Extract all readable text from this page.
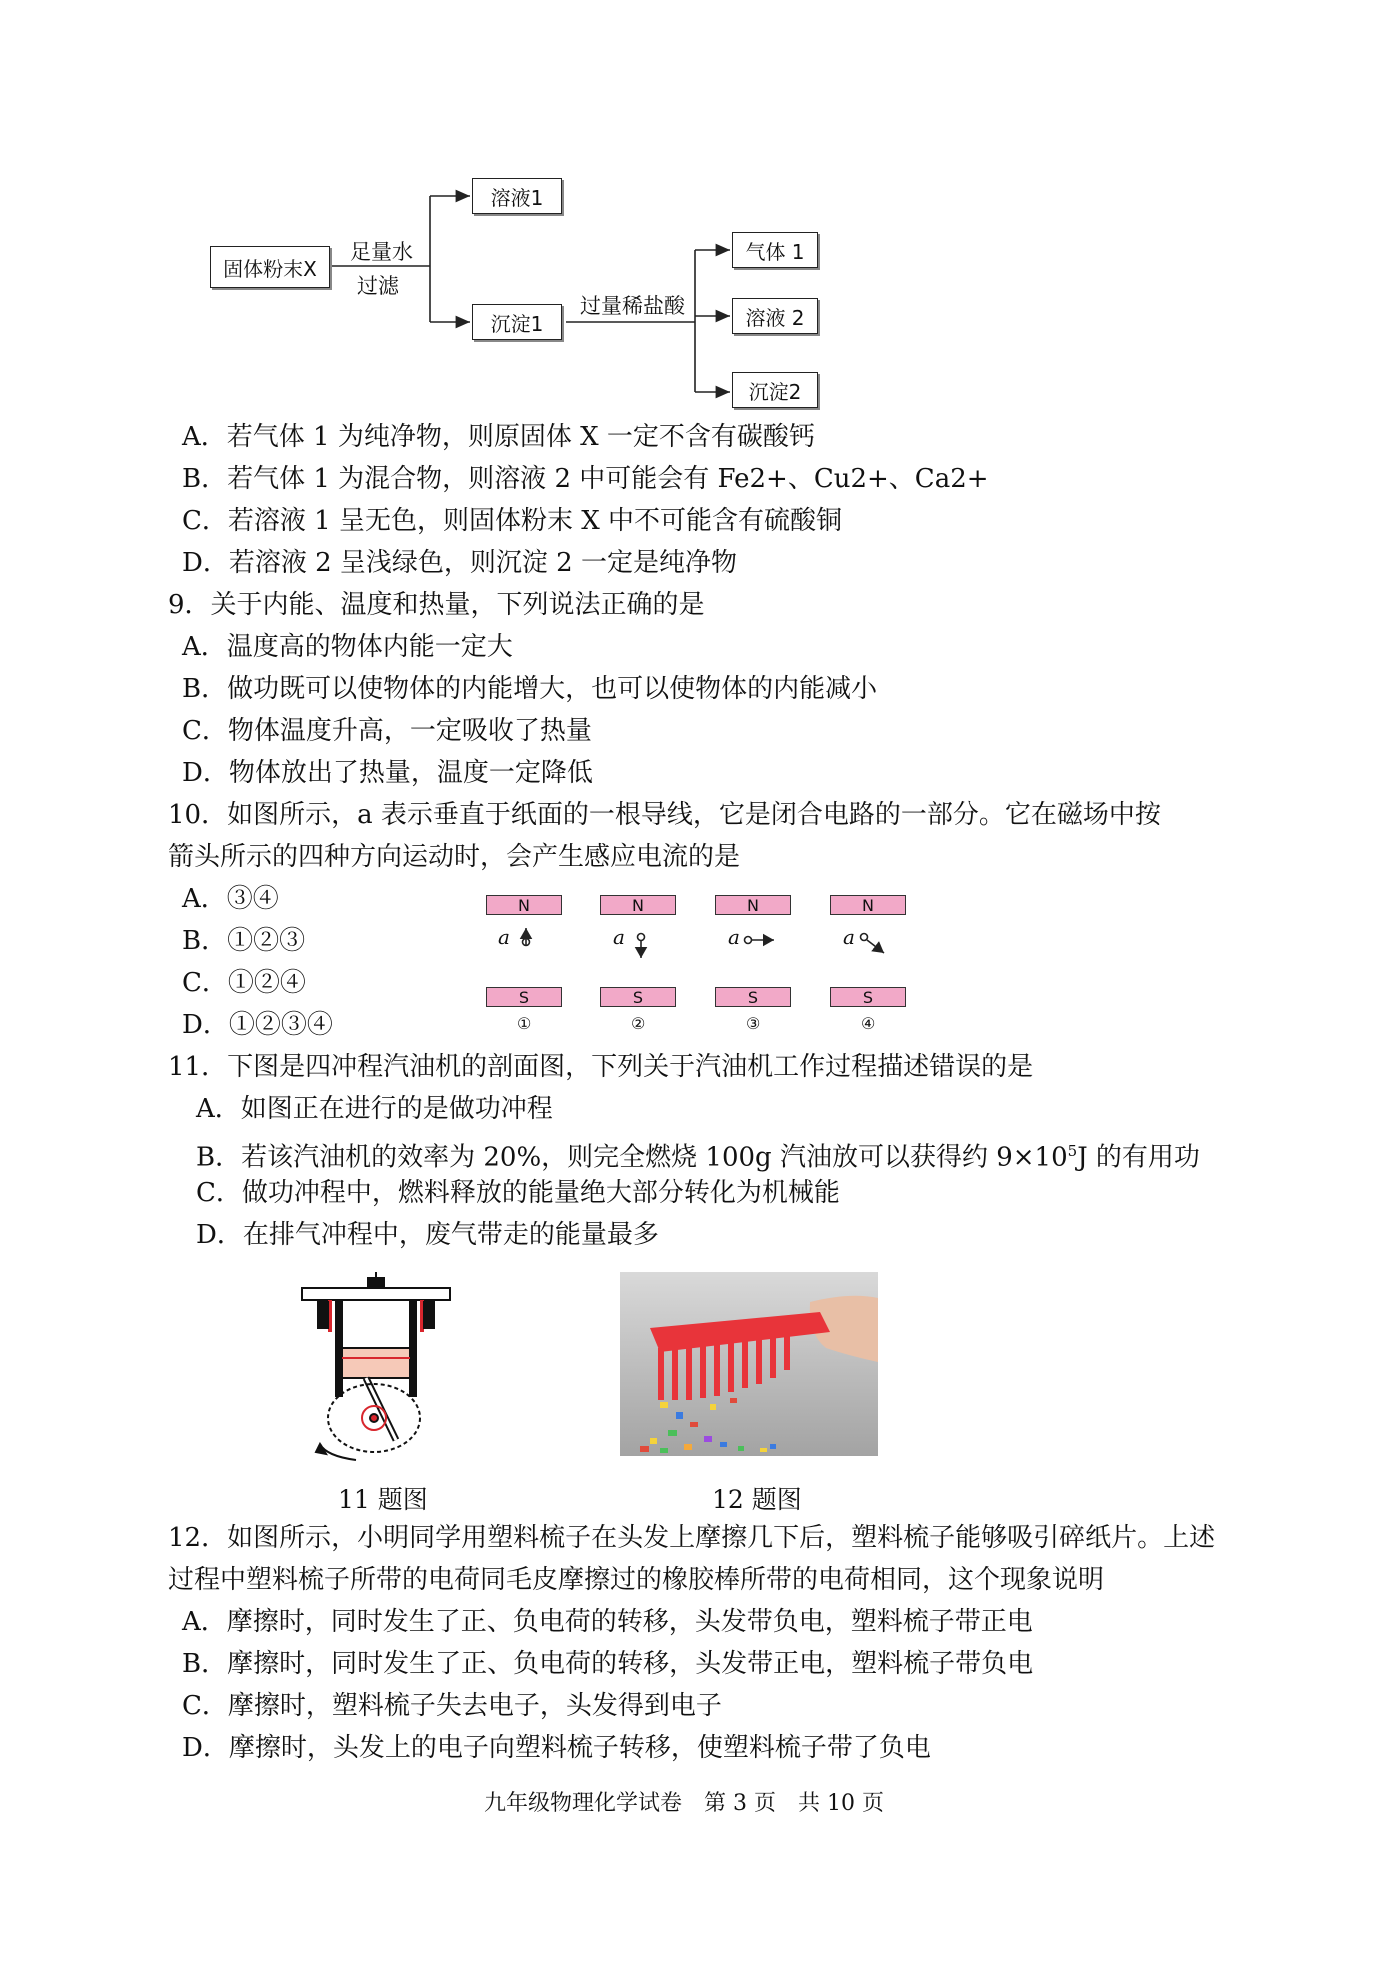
固体粉末X
足量水
过滤
溶液1
沉淀1
过量稀盐酸
气体 1
溶液 2
沉淀2
A．若气体 1 为纯净物，则原固体 X 一定不含有碳酸钙
B．若气体 1 为混合物，则溶液 2 中可能会有 Fe2+、Cu2+、Ca2+
C．若溶液 1 呈无色，则固体粉末 X 中不可能含有硫酸铜
D．若溶液 2 呈浅绿色，则沉淀 2 一定是纯净物
9．关于内能、温度和热量，下列说法正确的是
A．温度高的物体内能一定大
B．做功既可以使物体的内能增大，也可以使物体的内能减小
C．物体温度升高，一定吸收了热量
D．物体放出了热量，温度一定降低
10．如图所示，a 表示垂直于纸面的一根导线，它是闭合电路的一部分。它在磁场中按
箭头所示的四种方向运动时，会产生感应电流的是
A．③④
B．①②③
C．①②④
D．①②③④
N	N	N	N
a	a	a	a
S	S	S	S
①	②	③	④
11．下图是四冲程汽油机的剖面图，下列关于汽油机工作过程描述错误的是
A．如图正在进行的是做功冲程
B．若该汽油机的效率为 20%，则完全燃烧 100g 汽油放可以获得约 $9\times 10^5J$ 的有用功
C．做功冲程中，燃料释放的能量绝大部分转化为机械能
D．在排气冲程中，废气带走的能量最多
11 题图	12 题图
12．如图所示，小明同学用塑料梳子在头发上摩擦几下后，塑料梳子能够吸引碎纸片。上述
过程中塑料梳子所带的电荷同毛皮摩擦过的橡胶棒所带的电荷相同，这个现象说明
A．摩擦时，同时发生了正、负电荷的转移，头发带负电，塑料梳子带正电
B．摩擦时，同时发生了正、负电荷的转移，头发带正电，塑料梳子带负电
C．摩擦时，塑料梳子失去电子，头发得到电子
D．摩擦时，头发上的电子向塑料梳子转移，使塑料梳子带了负电
九年级物理化学试卷　第 3 页　共 10 页
